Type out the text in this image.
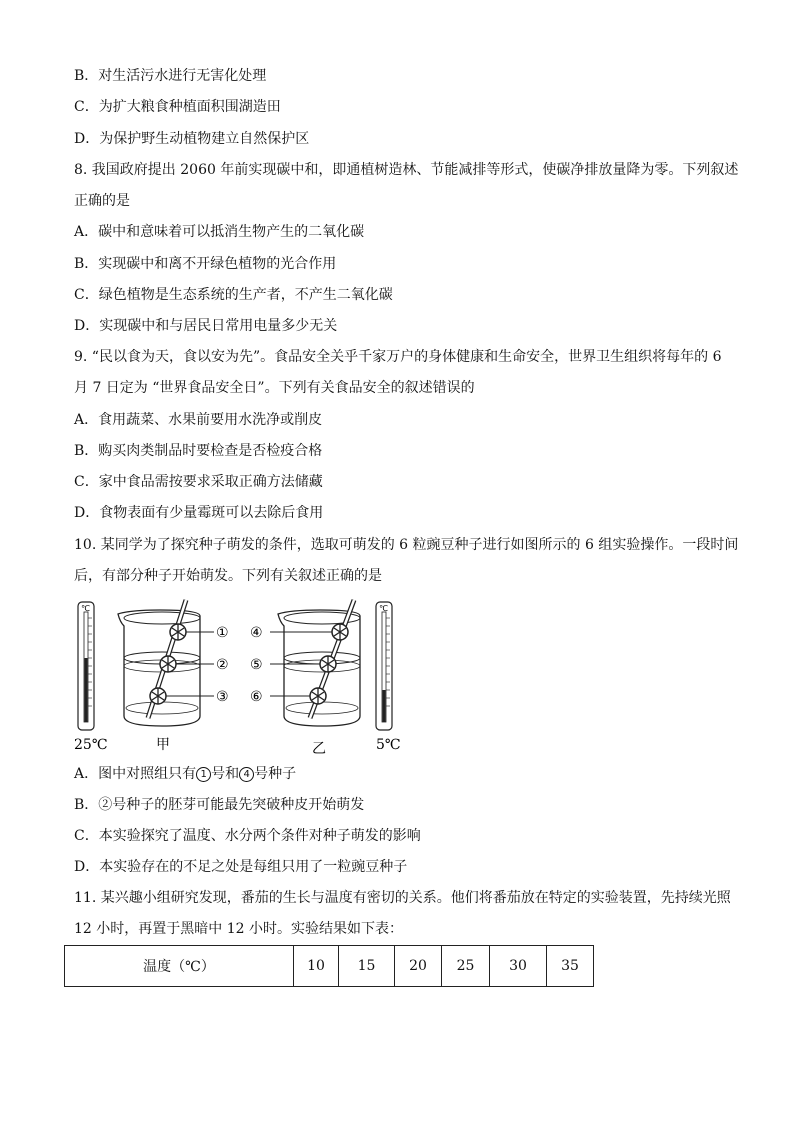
B．对生活污水进行无害化处理
C．为扩大粮食种植面积围湖造田
D．为保护野生动植物建立自然保护区
8. 我国政府提出 2060 年前实现碳中和，即通植树造林、节能减排等形式，使碳净排放量降为零。下列叙述
正确的是
A．碳中和意味着可以抵消生物产生的二氧化碳
B．实现碳中和离不开绿色植物的光合作用
C．绿色植物是生态系统的生产者，不产生二氧化碳
D．实现碳中和与居民日常用电量多少无关
9. “民以食为天，食以安为先”。食品安全关乎千家万户的身体健康和生命安全，世界卫生组织将每年的 6
月 7 日定为 “世界食品安全日”。下列有关食品安全的叙述错误的
A．食用蔬菜、水果前要用水洗净或削皮
B．购买肉类制品时要检查是否检疫合格
C．家中食品需按要求采取正确方法储藏
D．食物表面有少量霉斑可以去除后食用
10. 某同学为了探究种子萌发的条件，选取可萌发的 6 粒豌豆种子进行如图所示的 6 组实验操作。一段时间
后，有部分种子开始萌发。下列有关叙述正确的是
℃
①
②
③
④
⑤
⑥
℃
25℃	甲	乙	5℃
A．图中对照组只有 1 号和 4 号种子
B．②号种子的胚芽可能最先突破种皮开始萌发
C．本实验探究了温度、水分两个条件对种子萌发的影响
D．本实验存在的不足之处是每组只用了一粒豌豆种子
11. 某兴趣小组研究发现，番茄的生长与温度有密切的关系。他们将番茄放在特定的实验装置，先持续光照
12 小时，再置于黑暗中 12 小时。实验结果如下表：
温度（℃）	10	15	20	25	30	35
